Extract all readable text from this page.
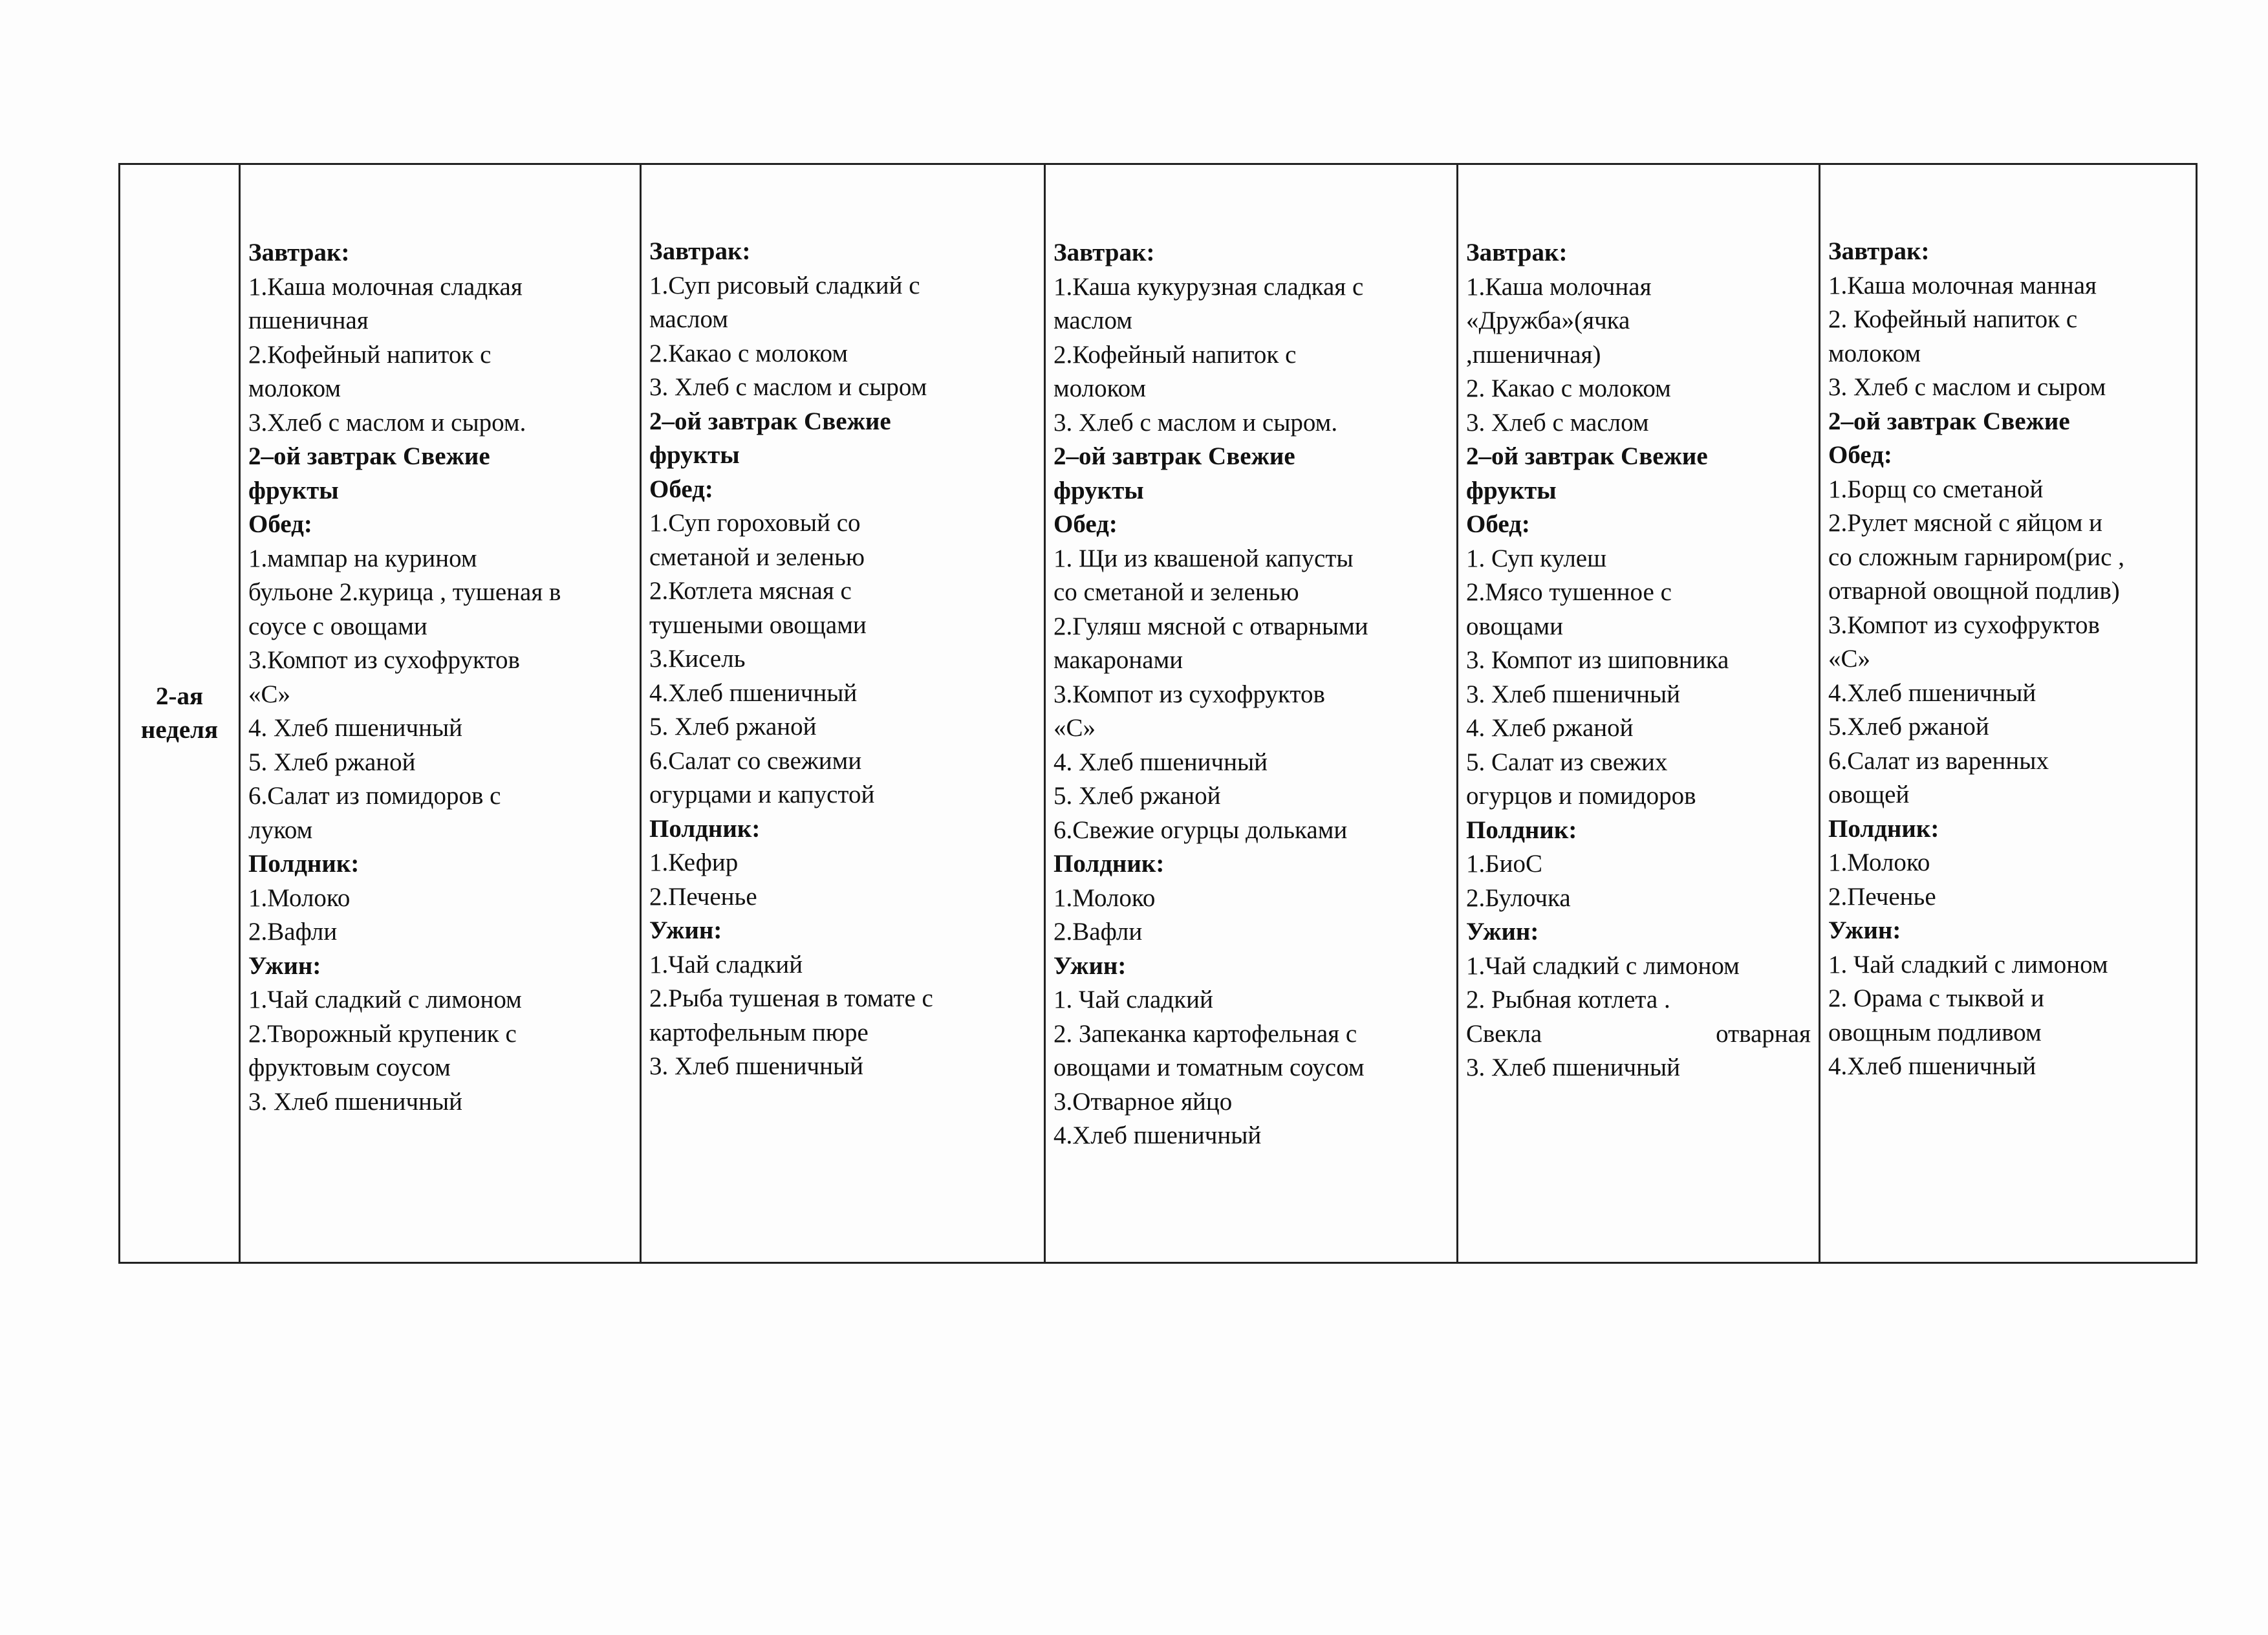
2-ая
неделя

Завтрак:
1.Каша молочная сладкая
пшеничная
2.Кофейный напиток с
молоком
3.Хлеб с маслом и сыром.
2–ой завтрак Свежие
фрукты
Обед:
1.мампар на курином
бульоне 2.курица , тушеная в
соусе с овощами
3.Компот из сухофруктов
«С»
4. Хлеб пшеничный
5. Хлеб ржаной
6.Салат из помидоров с
луком
Полдник:
1.Молоко
2.Вафли
Ужин:
1.Чай сладкий с лимоном
2.Творожный крупеник с
фруктовым соусом
3. Хлеб пшеничный

Завтрак:
1.Суп рисовый сладкий с
маслом
2.Какао с молоком
3. Хлеб с маслом и сыром
2–ой завтрак Свежие
фрукты
Обед:
1.Суп гороховый со
сметаной и зеленью
2.Котлета мясная с
тушеными овощами
3.Кисель
4.Хлеб пшеничный
5. Хлеб ржаной
6.Салат со свежими
огурцами и капустой
Полдник:
1.Кефир
2.Печенье
Ужин:
1.Чай сладкий
2.Рыба тушеная в томате с
картофельным пюре
3. Хлеб пшеничный

Завтрак:
1.Каша кукурузная сладкая с
маслом
2.Кофейный напиток с
молоком
3. Хлеб с маслом и сыром.
2–ой завтрак Свежие
фрукты
Обед:
1. Щи из квашеной капусты
со сметаной и зеленью
2.Гуляш мясной с отварными
макаронами
3.Компот из сухофруктов
«С»
4. Хлеб пшеничный
5. Хлеб ржаной
6.Свежие огурцы дольками
Полдник:
1.Молоко
2.Вафли
Ужин:
1. Чай сладкий
2. Запеканка картофельная с
овощами и томатным соусом
3.Отварное яйцо
4.Хлеб пшеничный

Завтрак:
1.Каша молочная
«Дружба»(ячка
,пшеничная)
2. Какао с молоком
3. Хлеб с маслом
2–ой завтрак Свежие
фрукты
Обед:
1. Суп кулеш
2.Мясо тушенное с
овощами
3. Компот из шиповника
3. Хлеб пшеничный
4. Хлеб ржаной
5. Салат из свежих
огурцов и помидоров
Полдник:
1.БиоС
2.Булочка
Ужин:
1.Чай сладкий с лимоном
2. Рыбная котлета .
Свекла отварная
3. Хлеб пшеничный

Завтрак:
1.Каша молочная манная
2. Кофейный напиток с
молоком
3. Хлеб с маслом и сыром
2–ой завтрак Свежие
Обед:
1.Борщ со сметаной
2.Рулет мясной с яйцом и
со сложным гарниром(рис ,
отварной овощной подлив)
3.Компот из сухофруктов
«С»
4.Хлеб пшеничный
5.Хлеб ржаной
6.Салат из варенных
овощей
Полдник:
1.Молоко
2.Печенье
Ужин:
1. Чай сладкий с лимоном
2. Орама с тыквой и
овощным подливом
4.Хлеб пшеничный
